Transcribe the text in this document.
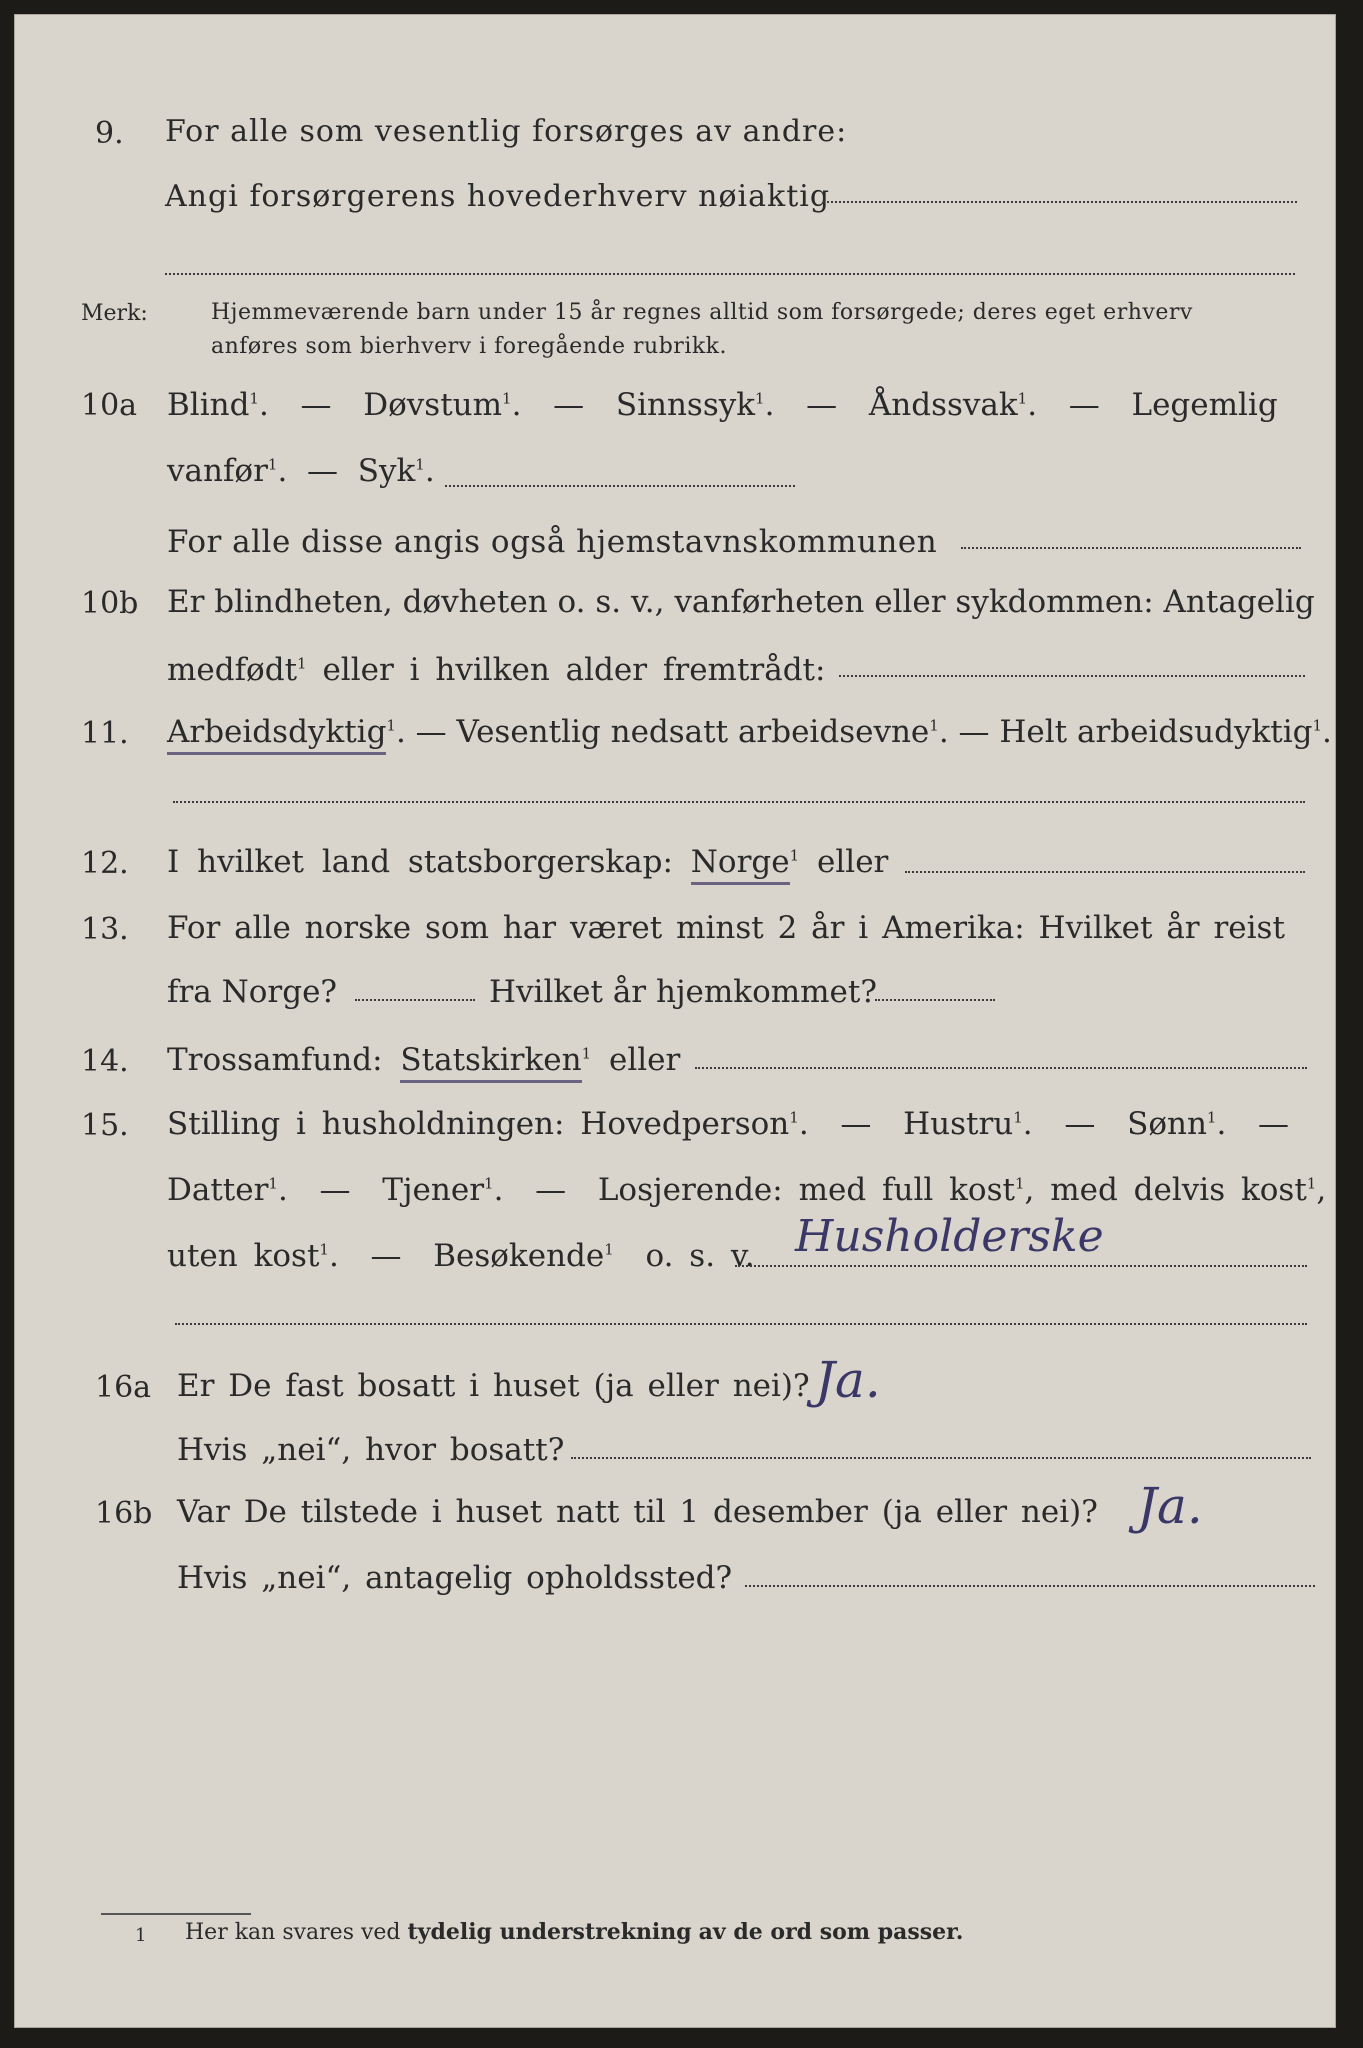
9. For alle som vesentlig forsørges av andre:
Angi forsørgerens hovederhverv nøiaktig
Merk:	Hjemmeværende barn under 15 år regnes alltid som forsørgede; deres eget erhverv
anføres som bierhverv i foregående rubrikk.
10a Blind$^1$.  —  Døvstum$^1$.  —  Sinnssyk$^1$.  —  Åndssvak$^1$.  —  Legemlig
vanfør$^1$.  —  Syk$^1$.
For alle disse angis også hjemstavnskommunen
10b Er blindheten, døvheten o. s. v., vanførheten eller sykdommen: Antagelig
medfødt$^1$ eller i hvilken alder fremtrådt:
11. Arbeidsdyktig$^1$. — Vesentlig nedsatt arbeidsevne$^1$. — Helt arbeidsudyktig$^1$.
12. I hvilket land statsborgerskap: Norge$^1$ eller
13. For alle norske som har været minst 2 år i Amerika: Hvilket år reist
fra Norge?	Hvilket år hjemkommet?
14. Trossamfund: Statskirken$^1$ eller
15. Stilling i husholdningen: Hovedperson$^1$.  —  Hustru$^1$.  —  Sønn$^1$.  —
Datter$^1$.  —  Tjener$^1$.  —  Losjerende: med full kost$^1$, med delvis kost$^1$,
uten kost$^1$.  —  Besøkende$^1$ o. s. v. Husholderske
16a Er De fast bosatt i huset (ja eller nei)? Ja.
Hvis „nei“, hvor bosatt?
16b Var De tilstede i huset natt til 1 desember (ja eller nei)? Ja.
Hvis „nei“, antagelig opholdssted?
1 Her kan svares ved tydelig understrekning av de ord som passer.
